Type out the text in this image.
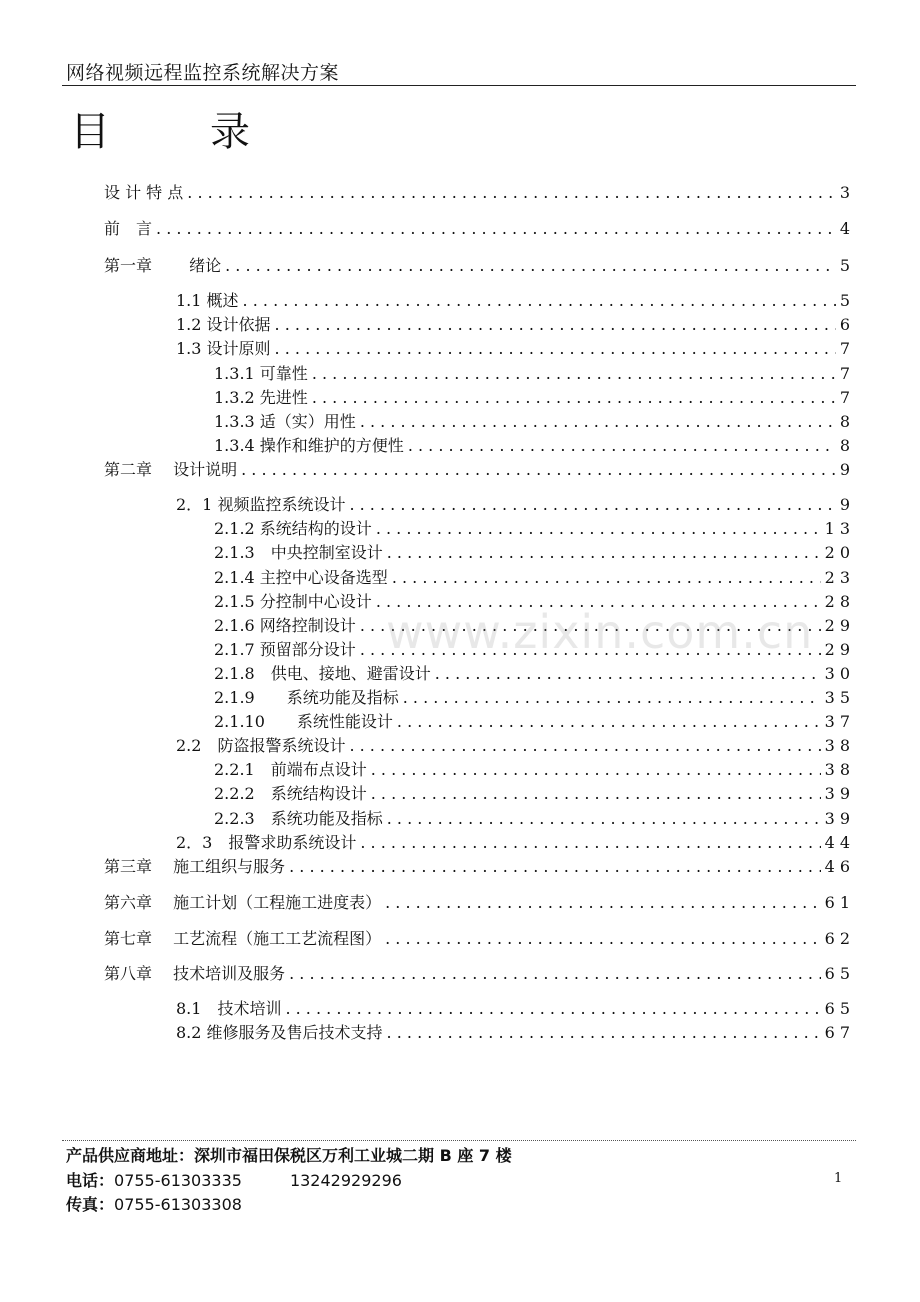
网络视频远程监控系统解决方案
目	录
设 计 特 点 . . .	3
前　言 . . .	4
第一章　　 绪论 . . .	5
1.1 概述 . . .	5
1.2 设计依据 . . .	6
1.3 设计原则 . . .	7
1.3.1 可靠性 . . .	7
1.3.2 先进性 . . .	7
1.3.3 适（实）用性 . . .	8
1.3.4 操作和维护的方便性 . . .	8
第二章　 设计说明 . . .	9
2．1 视频监控系统设计 . . .	9
2.1.2 系统结构的设计 . . .	13
2.1.3　中央控制室设计 . . .	20
2.1.4 主控中心设备选型 . . .	23
2.1.5 分控制中心设计 . . .	28
2.1.6 网络控制设计 . . .	29
2.1.7 预留部分设计 . . .	29
2.1.8　供电、接地、避雷设计 . . .	30
2.1.9　　系统功能及指标 . . .	35
2.1.10　　系统性能设计 . . .	37
2.2　防盗报警系统设计 . . .	38
2.2.1　前端布点设计 . . .	38
2.2.2　系统结构设计 . . .	39
2.2.3　系统功能及指标 . . .	39
2．3　报警求助系统设计 . . .	44
第三章　 施工组织与服务 . . .	46
第六章　 施工计划（工程施工进度表） . . .	61
第七章　 工艺流程（施工工艺流程图） . . .	62
第八章　 技术培训及服务 . . .	65
8.1　技术培训 . . .	65
8.2 维修服务及售后技术支持 . . .	67
www.zixin.com.cn
产品供应商地址：深圳市福田保税区万利工业城二期 B 座 7 楼
电话：0755-61303335　　　13242929296
传真：0755-61303308
1
